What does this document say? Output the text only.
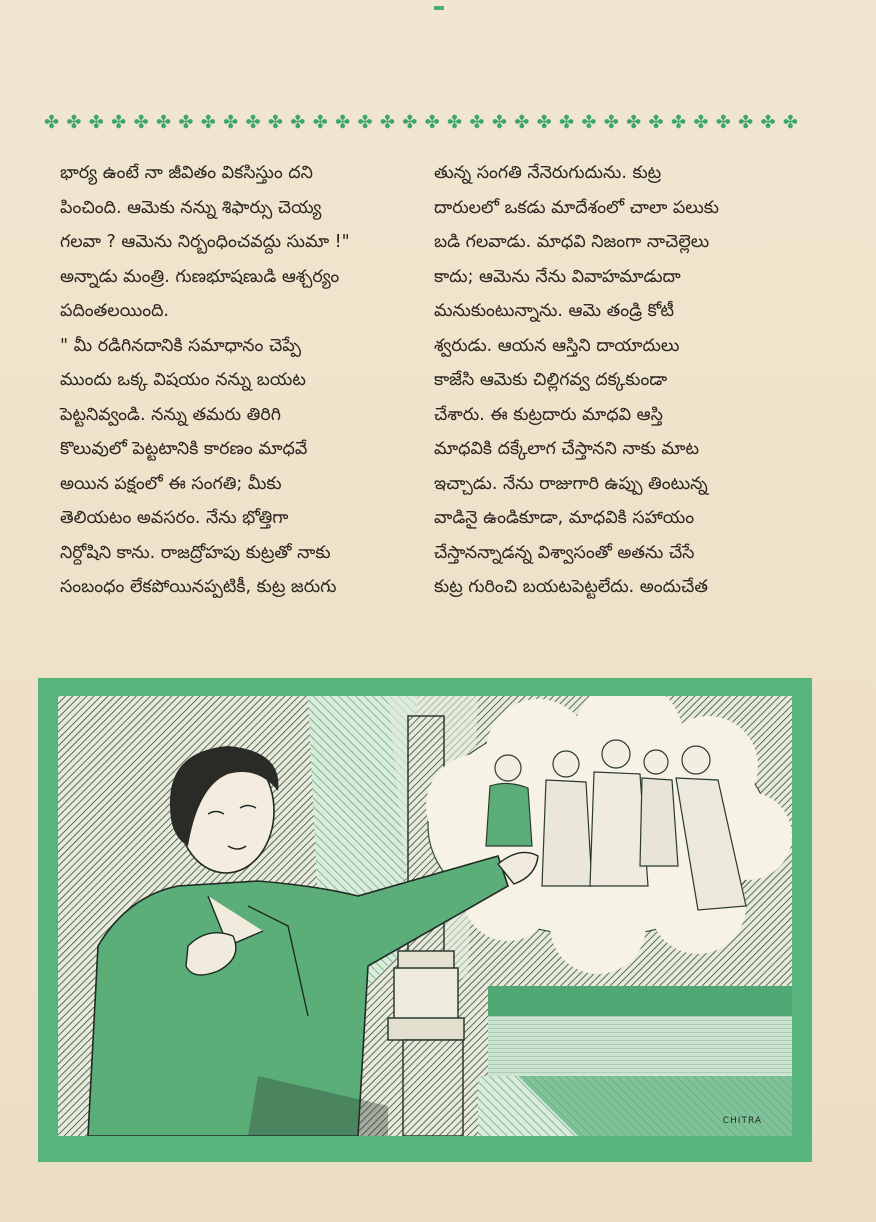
✤ ✤ ✤ ✤ ✤ ✤ ✤ ✤ ✤ ✤ ✤ ✤ ✤ ✤ ✤ ✤ ✤ ✤ ✤ ✤ ✤ ✤ ✤ ✤ ✤ ✤ ✤ ✤ ✤ ✤ ✤ ✤ ✤ ✤

భార్య ఉంటే నా జీవితం వికసిస్తుం దని

పించింది. ఆమెకు నన్ను శిఫార్సు చెయ్య

గలవా ? ఆమెను నిర్బంధించవద్దు సుమా !"

అన్నాడు మంత్రి. గుణభూషణుడి ఆశ్చర్యం

పదింతలయింది.

" మీ రడిగినదానికి సమాధానం చెప్పే

ముందు ఒక్క విషయం నన్ను బయట

పెట్టనివ్వండి. నన్ను తమరు తిరిగి

కొలువులో పెట్టటానికి కారణం మాధవే

అయిన పక్షంలో ఈ సంగతి; మీకు

తెలియటం అవసరం. నేను భోత్తిగా

నిర్దోషిని కాను. రాజద్రోహపు కుట్రతో నాకు

సంబంధం లేకపోయినప్పటికీ, కుట్ర జరుగు

తున్న సంగతి నేనెరుగుదును. కుట్ర

దారులలో ఒకడు మాదేశంలో చాలా పలుకు

బడి గలవాడు. మాధవి నిజంగా నాచెల్లెలు

కాదు; ఆమెను నేను వివాహమాడుదా

మనుకుంటున్నాను. ఆమె తండ్రి కోటీ

శ్వరుడు. ఆయన ఆస్తిని దాయాదులు

కాజేసి ఆమెకు చిల్లిగవ్వ దక్కకుండా

చేశారు. ఈ కుట్రదారు మాధవి ఆస్తి

మాధవికి దక్కేలాగ చేస్తానని నాకు మాట

ఇచ్చాడు. నేను రాజుగారి ఉప్పు తింటున్న

వాడినై ఉండికూడా, మాధవికి సహాయం

చేస్తానన్నాడన్న విశ్వాసంతో అతను చేసే

కుట్ర గురించి బయటపెట్టలేదు. అందుచేత

CHITRA
